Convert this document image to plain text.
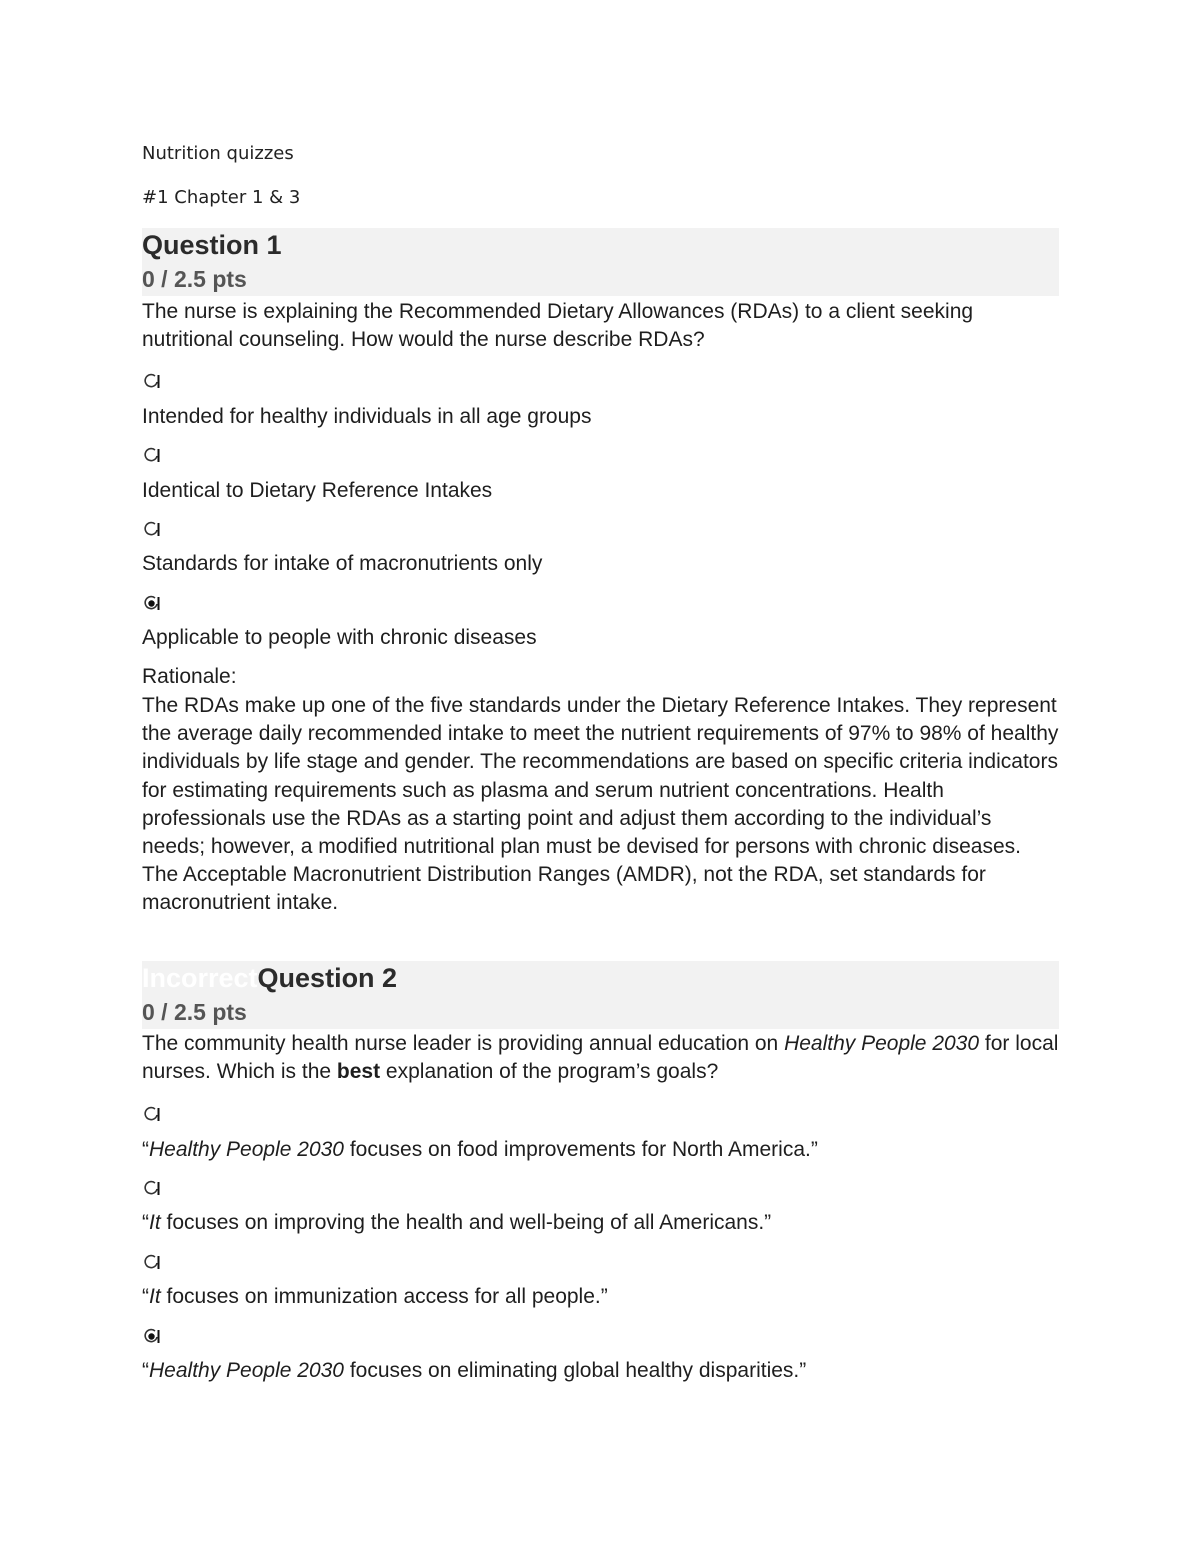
Nutrition quizzes
#1 Chapter 1 & 3
Question 1
0 / 2.5 pts
The nurse is explaining the Recommended Dietary Allowances (RDAs) to a client seeking nutritional counseling. How would the nurse describe RDAs?
Intended for healthy individuals in all age groups
Identical to Dietary Reference Intakes
Standards for intake of macronutrients only
Applicable to people with chronic diseases
Rationale:
The RDAs make up one of the five standards under the Dietary Reference Intakes. They represent the average daily recommended intake to meet the nutrient requirements of 97% to 98% of healthy individuals by life stage and gender. The recommendations are based on specific criteria indicators for estimating requirements such as plasma and serum nutrient concentrations. Health professionals use the RDAs as a starting point and adjust them according to the individual’s needs; however, a modified nutritional plan must be devised for persons with chronic diseases. The Acceptable Macronutrient Distribution Ranges (AMDR), not the RDA, set standards for macronutrient intake.
IncorrectQuestion 2
0 / 2.5 pts
The community health nurse leader is providing annual education on Healthy People 2030 for local nurses. Which is the best explanation of the program’s goals?
“Healthy People 2030 focuses on food improvements for North America.”
“It focuses on improving the health and well-being of all Americans.”
“It focuses on immunization access for all people.”
“Healthy People 2030 focuses on eliminating global healthy disparities.”
